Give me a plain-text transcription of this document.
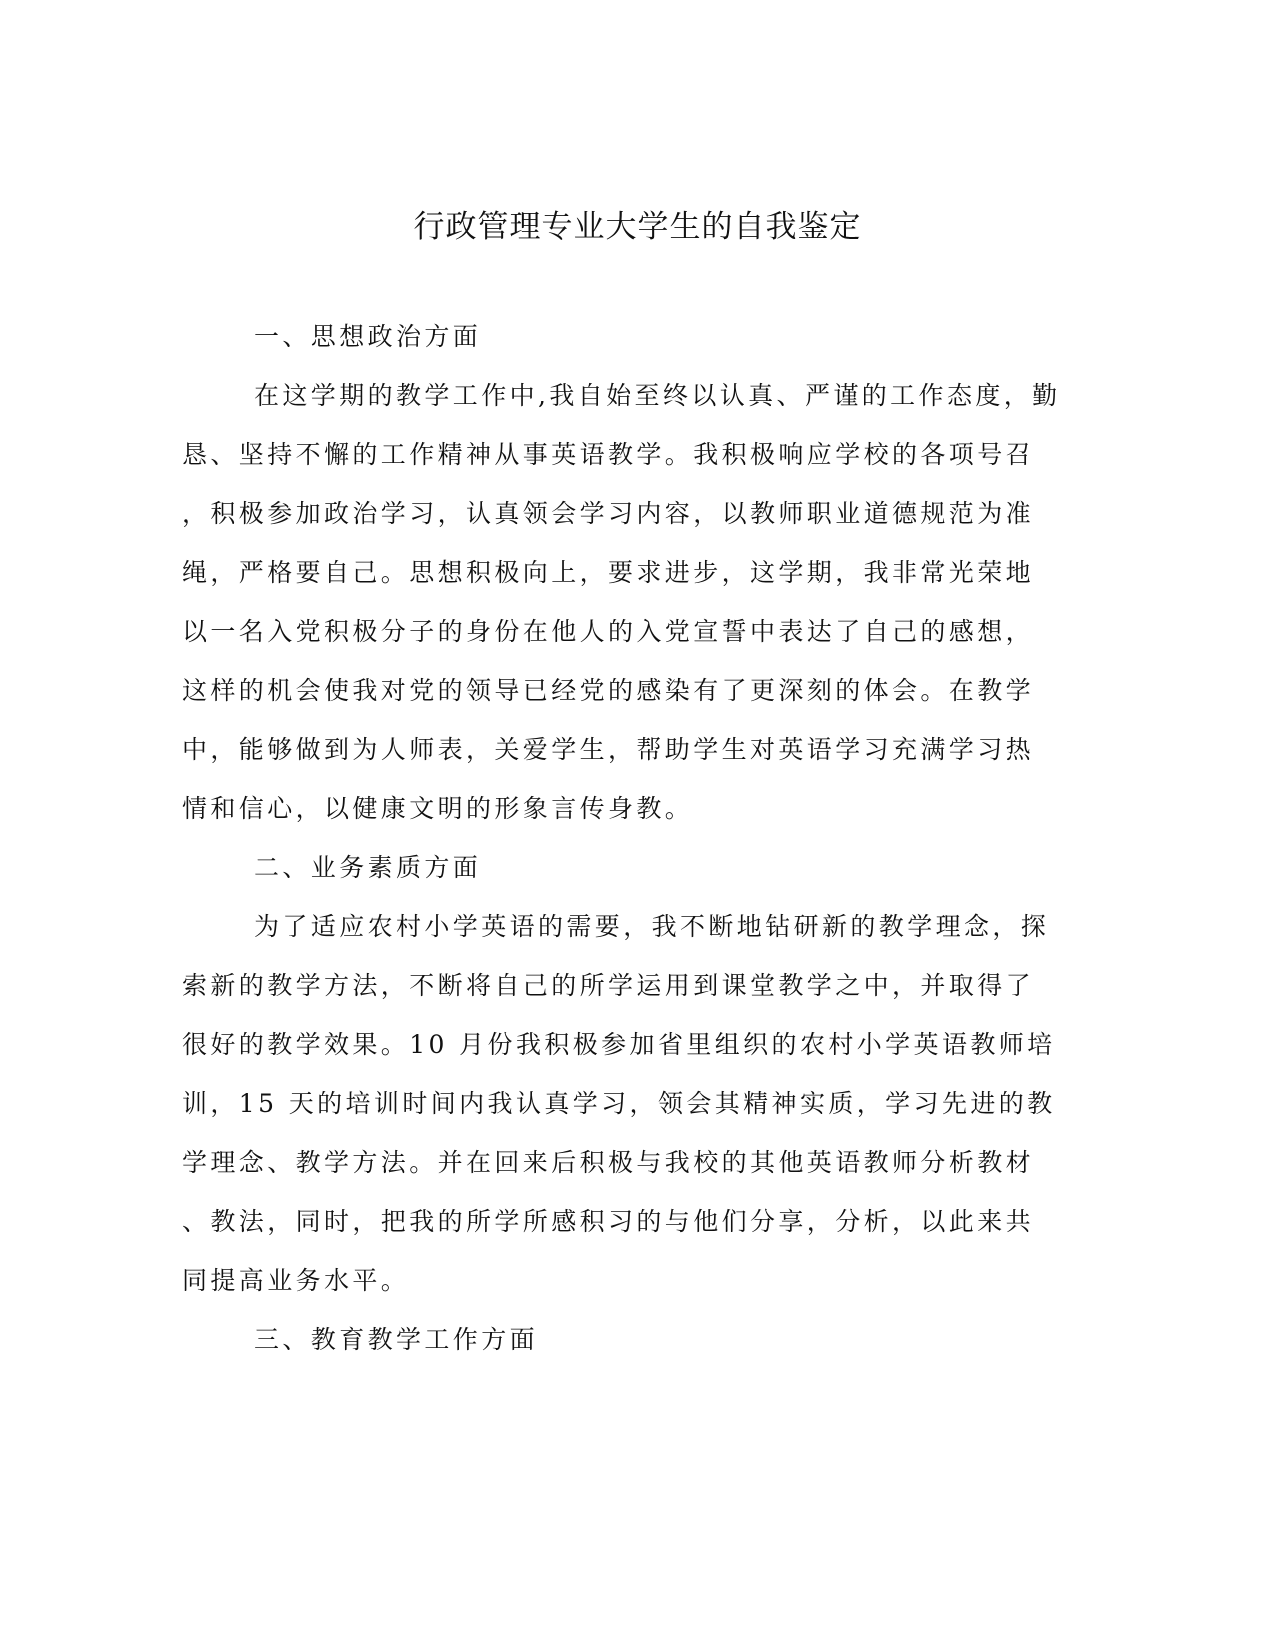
行政管理专业大学生的自我鉴定

一、思想政治方面

在这学期的教学工作中,我自始至终以认真、严谨的工作态度，勤

恳、坚持不懈的工作精神从事英语教学。我积极响应学校的各项号召

，积极参加政治学习，认真领会学习内容，以教师职业道德规范为准

绳，严格要自己。思想积极向上，要求进步，这学期，我非常光荣地

以一名入党积极分子的身份在他人的入党宣誓中表达了自己的感想，

这样的机会使我对党的领导已经党的感染有了更深刻的体会。在教学

中，能够做到为人师表，关爱学生，帮助学生对英语学习充满学习热

情和信心，以健康文明的形象言传身教。

二、业务素质方面

为了适应农村小学英语的需要，我不断地钻研新的教学理念，探

索新的教学方法，不断将自己的所学运用到课堂教学之中，并取得了

很好的教学效果。10 月份我积极参加省里组织的农村小学英语教师培

训，15 天的培训时间内我认真学习，领会其精神实质，学习先进的教

学理念、教学方法。并在回来后积极与我校的其他英语教师分析教材

、教法，同时，把我的所学所感积习的与他们分享，分析，以此来共

同提高业务水平。

三、教育教学工作方面
